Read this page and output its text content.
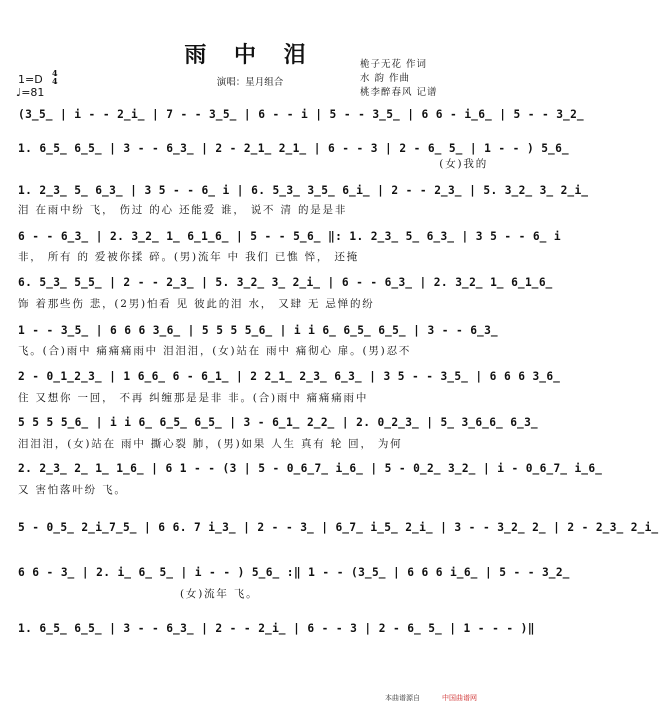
雨 中 泪
演唱：星月组合
桅子无花 作词
水 韵 作曲
桃李醉春风 记谱
1=D 4
4
♩=81
(3̲5̲ | i - - 2̲i̲ | 7 - - 3̲5̲ | 6 - - i | 5 - - 3̲5̲ | 6 6 - i̲6̲ | 5 - - 3̲2̲
1. 6̲5̲ 6̲5̲ | 3 - - 6̲3̲ | 2 - 2̲1̲ 2̲1̲ | 6 - - 3 | 2 - 6̲ 5̲ | 1 - - ) 5̲6̲
(女)我的
1. 2̲3̲ 5̲ 6̲3̲ | 3 5 - - 6̲ i | 6. 5̲3̲ 3̲5̲ 6̲i̲ | 2 - - 2̲3̲ | 5. 3̲2̲ 3̲ 2̲i̲
泪 在雨中纷 飞， 伤过 的心 还能爱 谁， 说不 清 的是是非
6 - - 6̲3̲ | 2. 3̲2̲ 1̲ 6̲1̲6̲ | 5 - - 5̲6̲ ‖: 1. 2̲3̲ 5̲ 6̲3̲ | 3 5 - - 6̲ i
非， 所有 的 爱被你揉 碎。(男)流年 中 我们 已憔 悴， 还掩
6. 5̲3̲ 5̲5̲ | 2 - - 2̲3̲ | 5. 3̲2̲ 3̲ 2̲i̲ | 6 - - 6̲3̲ | 2. 3̲2̲ 1̲ 6̲1̲6̲
饰 着那些伤 悲，(2男)怕看 见 彼此的泪 水， 又肆 无 忌惮的纷
1 - - 3̲5̲ | 6 6 6 3̲6̲ | 5 5 5 5̲6̲ | i i 6̲ 6̲5̲ 6̲5̲ | 3 - - 6̲3̲
飞。(合)雨中 痛痛痛雨中 泪泪泪，(女)站在 雨中 痛彻心 扉。(男)忍不
2 - 0̲1̲2̲3̲ | 1 6̲6̲ 6 - 6̲1̲ | 2 2̲1̲ 2̲3̲ 6̲3̲ | 3 5 - - 3̲5̲ | 6 6 6 3̲6̲
住 又想你 一回， 不再 纠缠那是是非 非。(合)雨中 痛痛痛雨中
5 5 5 5̲6̲ | i i 6̲ 6̲5̲ 6̲5̲ | 3 - 6̲1̲ 2̲2̲ | 2. 0̲2̲3̲ | 5̲ 3̲6̲6̲ 6̲3̲
泪泪泪，(女)站在 雨中 撕心裂 肺，(男)如果 人生 真有 轮 回， 为何
2. 2̲3̲ 2̲ 1̲ 1̲6̲ | 6 1 - - (3 | 5 - 0̲6̲7̲ i̲6̲ | 5 - 0̲2̲ 3̲2̲ | i - 0̲6̲7̲ i̲6̲
又 害怕落叶纷 飞。
5 - 0̲5̲ 2̲i̲7̲5̲ | 6 6. 7 i̲3̲ | 2 - - 3̲ | 6̲7̲ i̲5̲ 2̲i̲ | 3 - - 3̲2̲ 2̲ | 2 - 2̲3̲ 2̲i̲
6 6 - 3̲ | 2. i̲ 6̲ 5̲ | i - - ) 5̲6̲ :‖ 1 - - (3̲5̲ | 6 6 6 i̲6̲ | 5 - - 3̲2̲
(女)流年 飞。
1. 6̲5̲ 6̲5̲ | 3 - - 6̲3̲ | 2 - - 2̲i̲ | 6 - - 3 | 2 - 6̲ 5̲ | 1 - - - )‖
本曲谱源自	中国曲谱网
